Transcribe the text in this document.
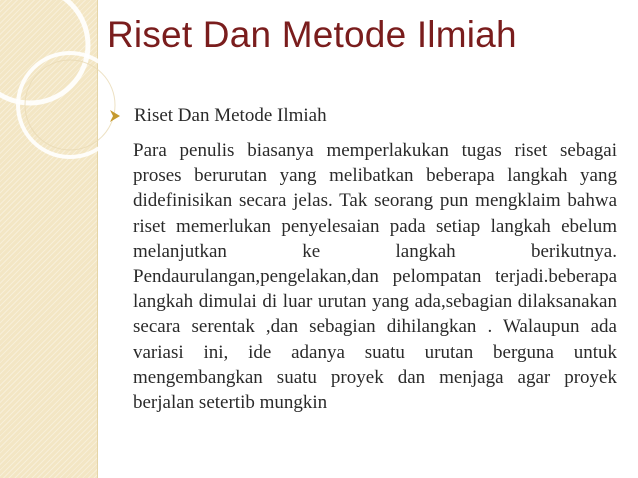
Riset Dan Metode Ilmiah
Riset Dan Metode Ilmiah

Para penulis biasanya memperlakukan tugas riset sebagai proses berurutan yang melibatkan beberapa langkah yang didefinisikan secara jelas. Tak seorang pun mengklaim bahwa riset memerlukan penyelesaian pada setiap langkah ebelum melanjutkan ke langkah berikutnya. Pendaurulangan,pengelakan,dan pelompatan terjadi.beberapa langkah dimulai di luar urutan yang ada,sebagian dilaksanakan secara serentak ,dan sebagian dihilangkan . Walaupun ada variasi ini, ide adanya suatu urutan berguna untuk mengembangkan suatu proyek dan menjaga agar proyek berjalan setertib mungkin
